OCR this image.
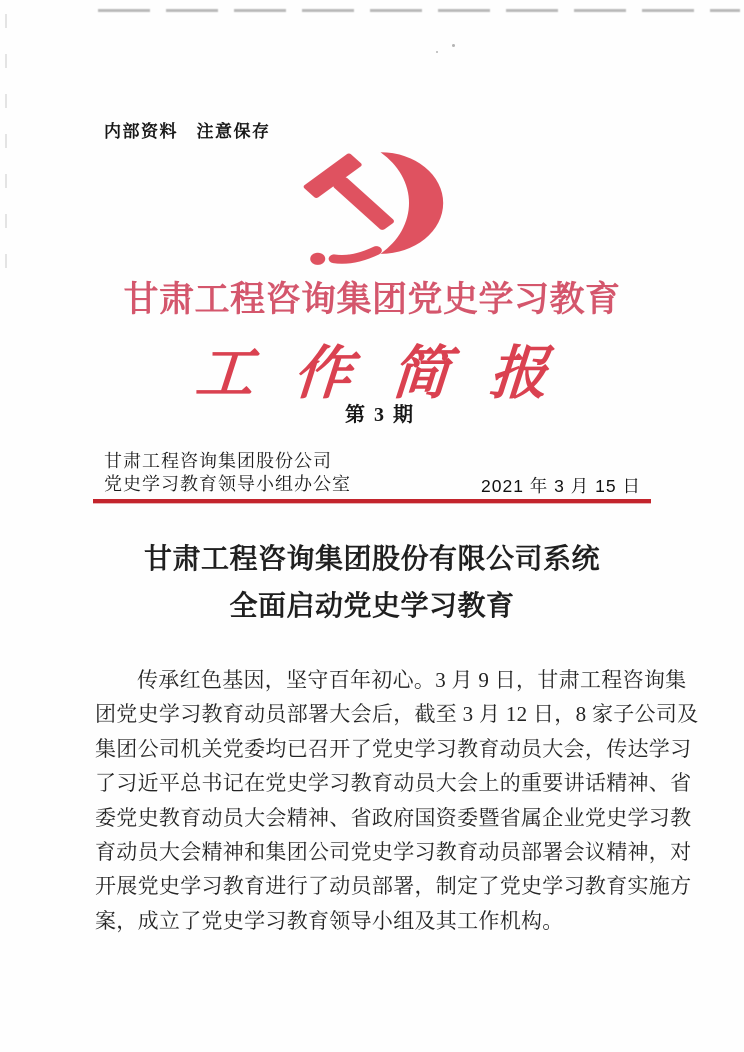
内部资料　注意保存
甘肃工程咨询集团党史学习教育
工作简报
第 3 期
甘肃工程咨询集团股份公司
党史学习教育领导小组办公室	2021 年 3 月 15 日
甘肃工程咨询集团股份有限公司系统
全面启动党史学习教育
传承红色基因，坚守百年初心。3 月 9 日，甘肃工程咨询集
团党史学习教育动员部署大会后，截至 3 月 12 日，8 家子公司及
集团公司机关党委均已召开了党史学习教育动员大会，传达学习
了习近平总书记在党史学习教育动员大会上的重要讲话精神、省
委党史教育动员大会精神、省政府国资委暨省属企业党史学习教
育动员大会精神和集团公司党史学习教育动员部署会议精神，对
开展党史学习教育进行了动员部署，制定了党史学习教育实施方
案，成立了党史学习教育领导小组及其工作机构。
